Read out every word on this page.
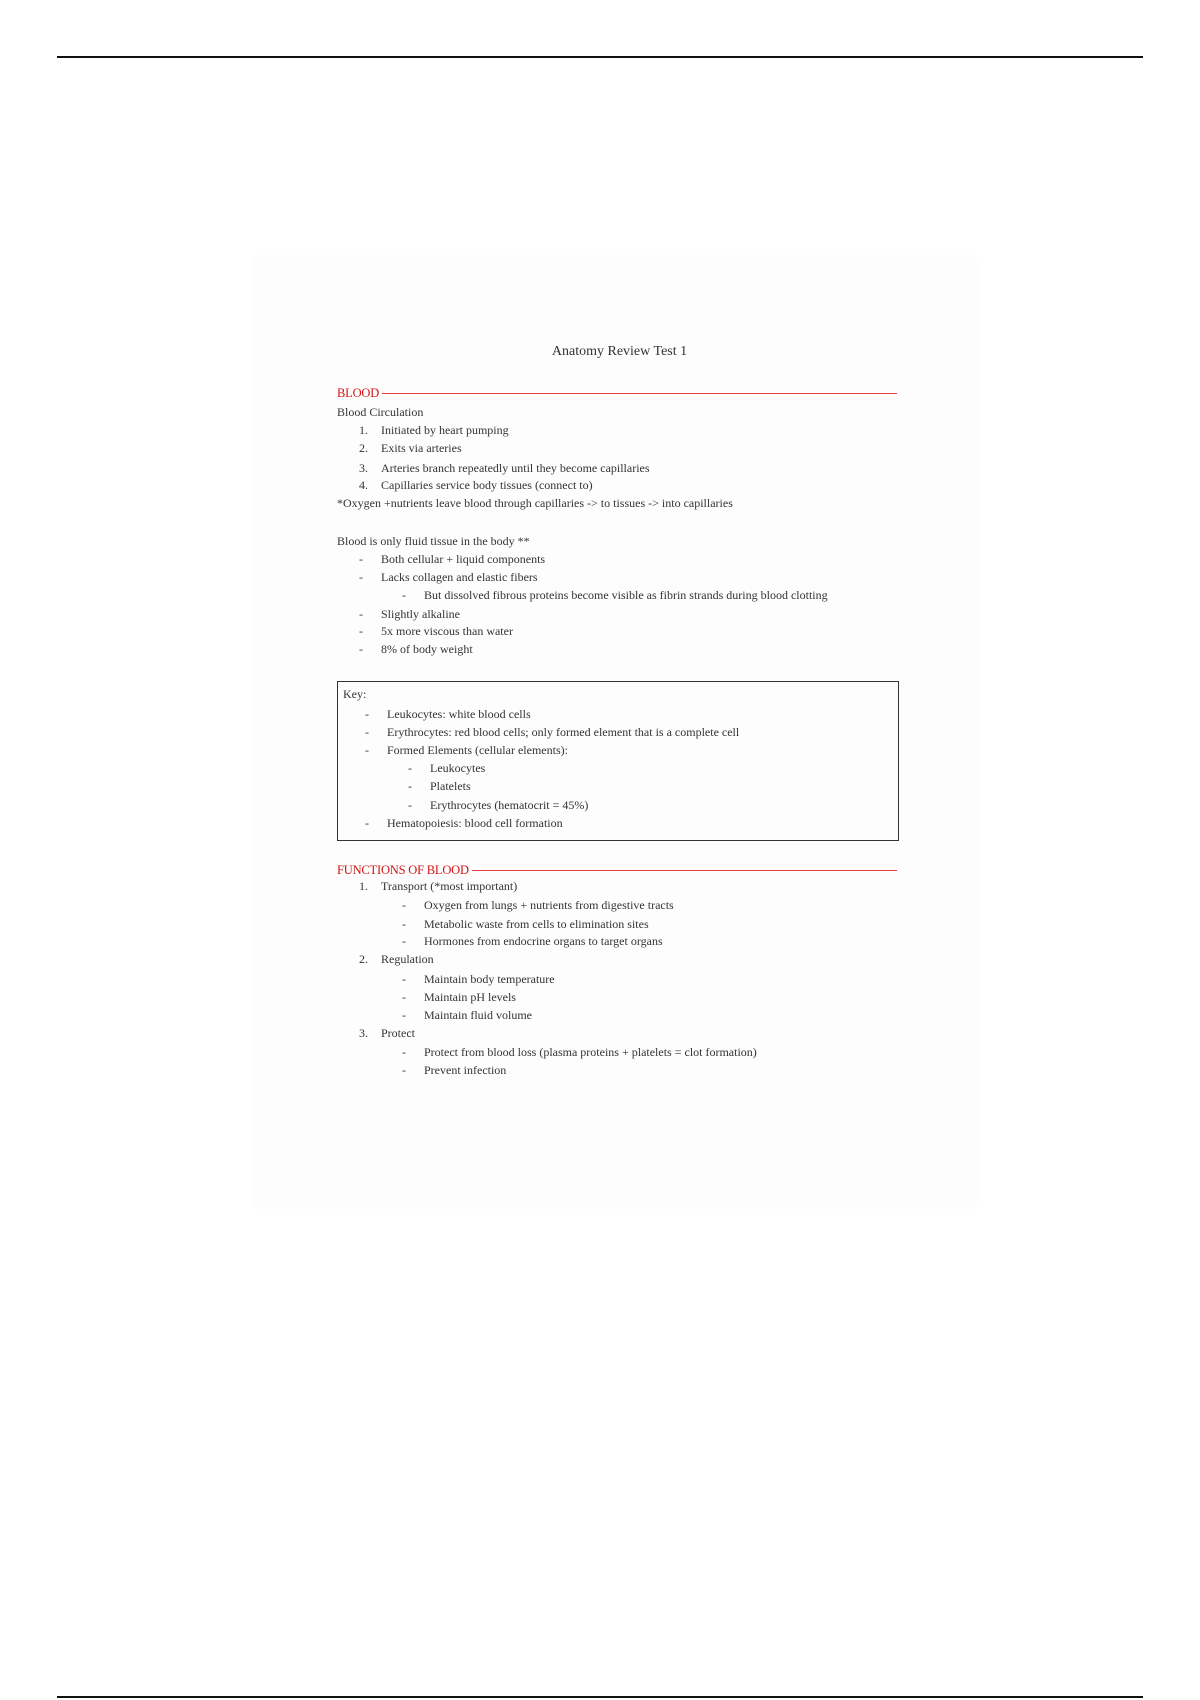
Anatomy Review Test 1
BLOOD
Blood Circulation
1. Initiated by heart pumping
2. Exits via arteries
3. Arteries branch repeatedly until they become capillaries
4. Capillaries service body tissues (connect to)
*Oxygen +nutrients leave blood through capillaries -> to tissues -> into capillaries
Blood is only fluid tissue in the body **
- Both cellular + liquid components
- Lacks collagen and elastic fibers
- But dissolved fibrous proteins become visible as fibrin strands during blood clotting
- Slightly alkaline
- 5x more viscous than water
- 8% of body weight
Key:
- Leukocytes: white blood cells
- Erythrocytes: red blood cells; only formed element that is a complete cell
- Formed Elements (cellular elements):
- Leukocytes
- Platelets
- Erythrocytes (hematocrit = 45%)
- Hematopoiesis: blood cell formation
FUNCTIONS OF BLOOD
1. Transport (*most important)
- Oxygen from lungs + nutrients from digestive tracts
- Metabolic waste from cells to elimination sites
- Hormones from endocrine organs to target organs
2. Regulation
- Maintain body temperature
- Maintain pH levels
- Maintain fluid volume
3. Protect
- Protect from blood loss (plasma proteins + platelets = clot formation)
- Prevent infection
